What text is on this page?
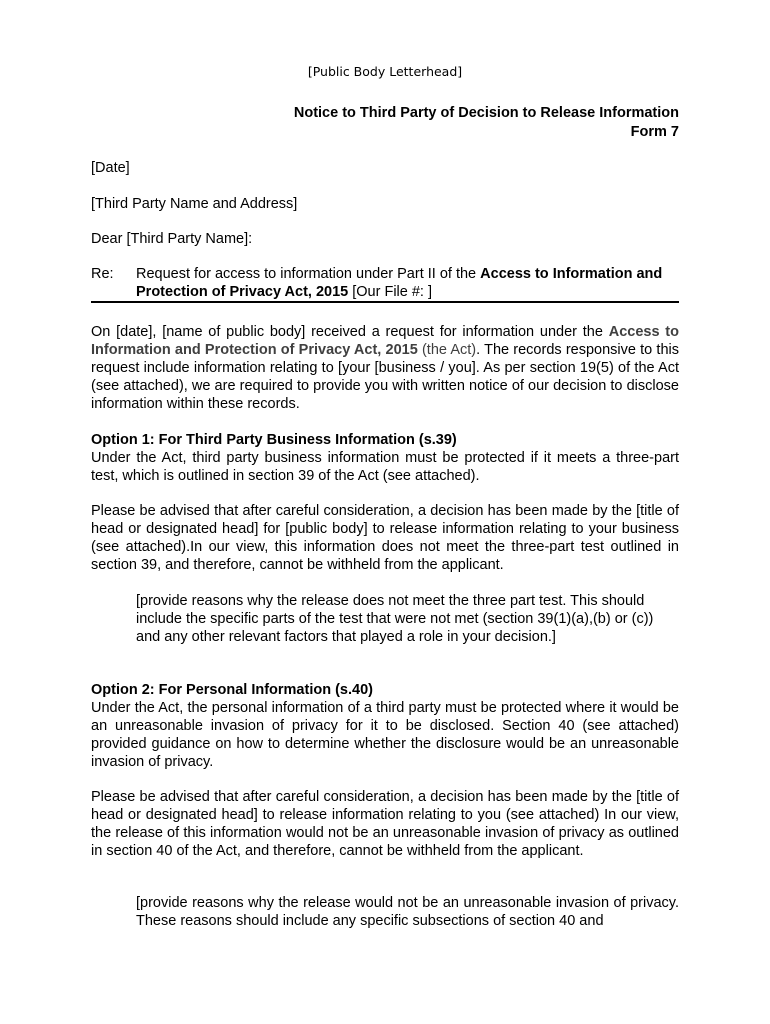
[Public Body Letterhead]
Notice to Third Party of Decision to Release Information
Form 7
[Date]
[Third Party Name and Address]
Dear [Third Party Name]:
Re: Request for access to information under Part II of the Access to Information and Protection of Privacy Act, 2015 [Our File #: ]
On [date], [name of public body] received a request for information under the Access to Information and Protection of Privacy Act, 2015 (the Act). The records responsive to this request include information relating to [your [business / you]. As per section 19(5) of the Act (see attached), we are required to provide you with written notice of our decision to disclose information within these records.
Option 1: For Third Party Business Information (s.39)
Under the Act, third party business information must be protected if it meets a three-part test, which is outlined in section 39 of the Act (see attached).
Please be advised that after careful consideration, a decision has been made by the [title of head or designated head] for [public body] to release information relating to your business (see attached).In our view, this information does not meet the three-part test outlined in section 39, and therefore, cannot be withheld from the applicant.
[provide reasons why the release does not meet the three part test. This should include the specific parts of the test that were not met (section 39(1)(a),(b) or (c)) and any other relevant factors that played a role in your decision.]
Option 2: For Personal Information (s.40)
Under the Act, the personal information of a third party must be protected where it would be an unreasonable invasion of privacy for it to be disclosed. Section 40 (see attached) provided guidance on how to determine whether the disclosure would be an unreasonable invasion of privacy.
Please be advised that after careful consideration, a decision has been made by the [title of head or designated head] to release information relating to you (see attached) In our view, the release of this information would not be an unreasonable invasion of privacy as outlined in section 40 of the Act, and therefore, cannot be withheld from the applicant.
[provide reasons why the release would not be an unreasonable invasion of privacy. These reasons should include any specific subsections of section 40 and
